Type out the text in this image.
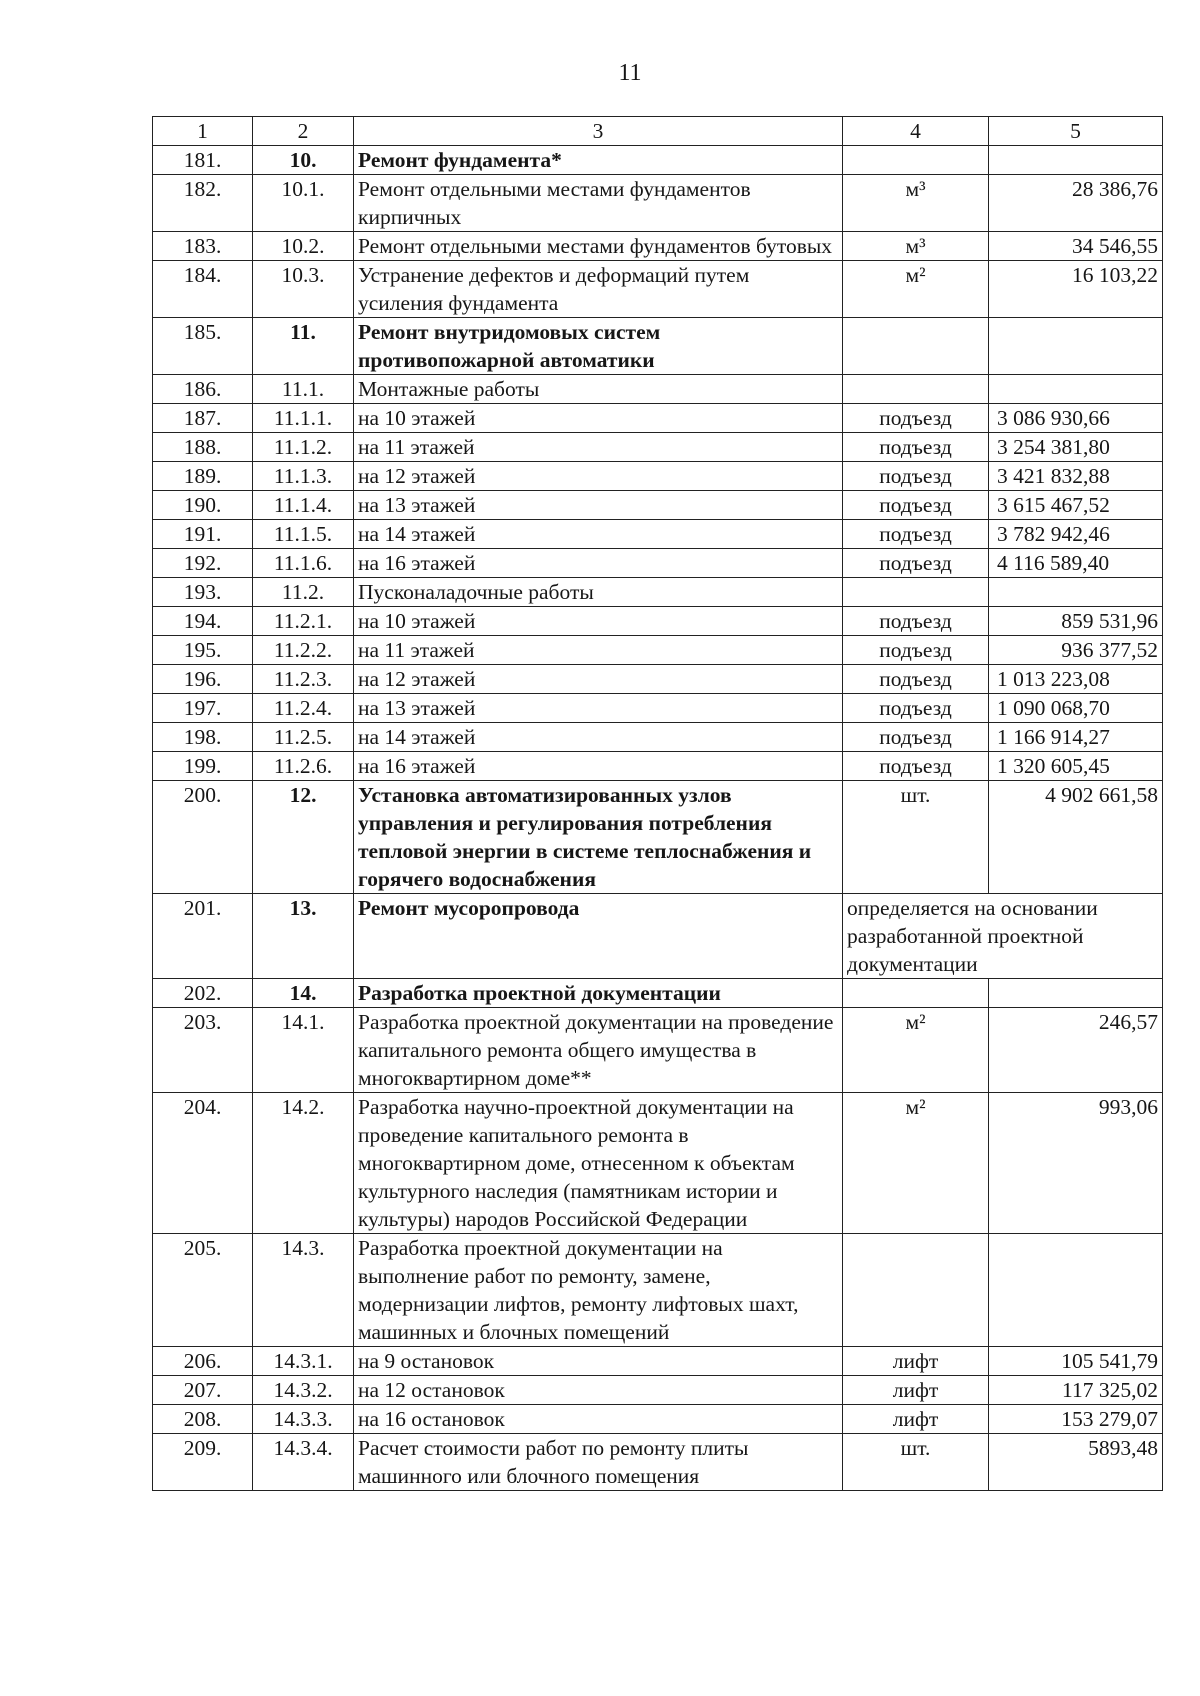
11
1	2	3	4	5
181.	10.	Ремонт фундамента*		
182.	10.1.	Ремонт отдельными местами фундаментов кирпичных	м³	28 386,76
183.	10.2.	Ремонт отдельными местами фундаментов бутовых	м³	34 546,55
184.	10.3.	Устранение дефектов и деформаций путем усиления фундамента	м²	16 103,22
185.	11.	Ремонт внутридомовых систем противопожарной автоматики		
186.	11.1.	Монтажные работы		
187.	11.1.1.	на 10 этажей	подъезд	3 086 930,66
188.	11.1.2.	на 11 этажей	подъезд	3 254 381,80
189.	11.1.3.	на 12 этажей	подъезд	3 421 832,88
190.	11.1.4.	на 13 этажей	подъезд	3 615 467,52
191.	11.1.5.	на 14 этажей	подъезд	3 782 942,46
192.	11.1.6.	на 16 этажей	подъезд	4 116 589,40
193.	11.2.	Пусконаладочные работы		
194.	11.2.1.	на 10 этажей	подъезд	859 531,96
195.	11.2.2.	на 11 этажей	подъезд	936 377,52
196.	11.2.3.	на 12 этажей	подъезд	1 013 223,08
197.	11.2.4.	на 13 этажей	подъезд	1 090 068,70
198.	11.2.5.	на 14 этажей	подъезд	1 166 914,27
199.	11.2.6.	на 16 этажей	подъезд	1 320 605,45
200.	12.	Установка автоматизированных узлов управления и регулирования потребления тепловой энергии в системе теплоснабжения и горячего водоснабжения	шт.	4 902 661,58
201.	13.	Ремонт мусоропровода	определяется на основании разработанной проектной документации	
202.	14.	Разработка проектной документации		
203.	14.1.	Разработка проектной документации на проведение капитального ремонта общего имущества в многоквартирном доме**	м²	246,57
204.	14.2.	Разработка научно-проектной документации на проведение капитального ремонта в многоквартирном доме, отнесенном к объектам культурного наследия (памятникам истории и культуры) народов Российской Федерации	м²	993,06
205.	14.3.	Разработка проектной документации на выполнение работ по ремонту, замене, модернизации лифтов, ремонту лифтовых шахт, машинных и блочных помещений		
206.	14.3.1.	на 9 остановок	лифт	105 541,79
207.	14.3.2.	на 12 остановок	лифт	117 325,02
208.	14.3.3.	на 16 остановок	лифт	153 279,07
209.	14.3.4.	Расчет стоимости работ по ремонту плиты машинного или блочного помещения	шт.	5893,48
